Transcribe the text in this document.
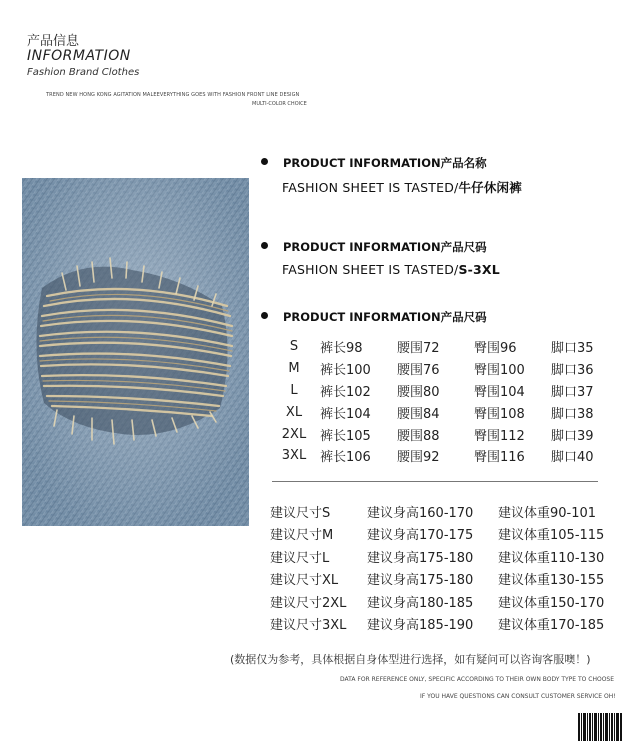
产品信息
INFORMATION
Fashion Brand Clothes
TREND NEW HONG KONG AGITATION MALEEVERYTHING GOES WITH FASHION FRONT LINE DESIGN
MULTI-COLOR CHOICE
PRODUCT INFORMATION产品名称
FASHION SHEET IS TASTED/牛仔休闲裤
PRODUCT INFORMATION产品尺码
FASHION SHEET IS TASTED/S-3XL
PRODUCT INFORMATION产品尺码
S	裤长98	腰围72	臀围96	脚口35
M	裤长100	腰围76	臀围100	脚口36
L	裤长102	腰围80	臀围104	脚口37
XL	裤长104	腰围84	臀围108	脚口38
2XL	裤长105	腰围88	臀围112	脚口39
3XL	裤长106	腰围92	臀围116	脚口40
建议尺寸S	建议身高160-170	建议体重90-101
建议尺寸M	建议身高170-175	建议体重105-115
建议尺寸L	建议身高175-180	建议体重110-130
建议尺寸XL	建议身高175-180	建议体重130-155
建议尺寸2XL	建议身高180-185	建议体重150-170
建议尺寸3XL	建议身高185-190	建议体重170-185
(数据仅为参考，具体根据自身体型进行选择，如有疑问可以咨询客服噢！)
DATA FOR REFERENCE ONLY, SPECIFIC ACCORDING TO THEIR OWN BODY TYPE TO CHOOSE
IF YOU HAVE QUESTIONS CAN CONSULT CUSTOMER SERVICE OH!
